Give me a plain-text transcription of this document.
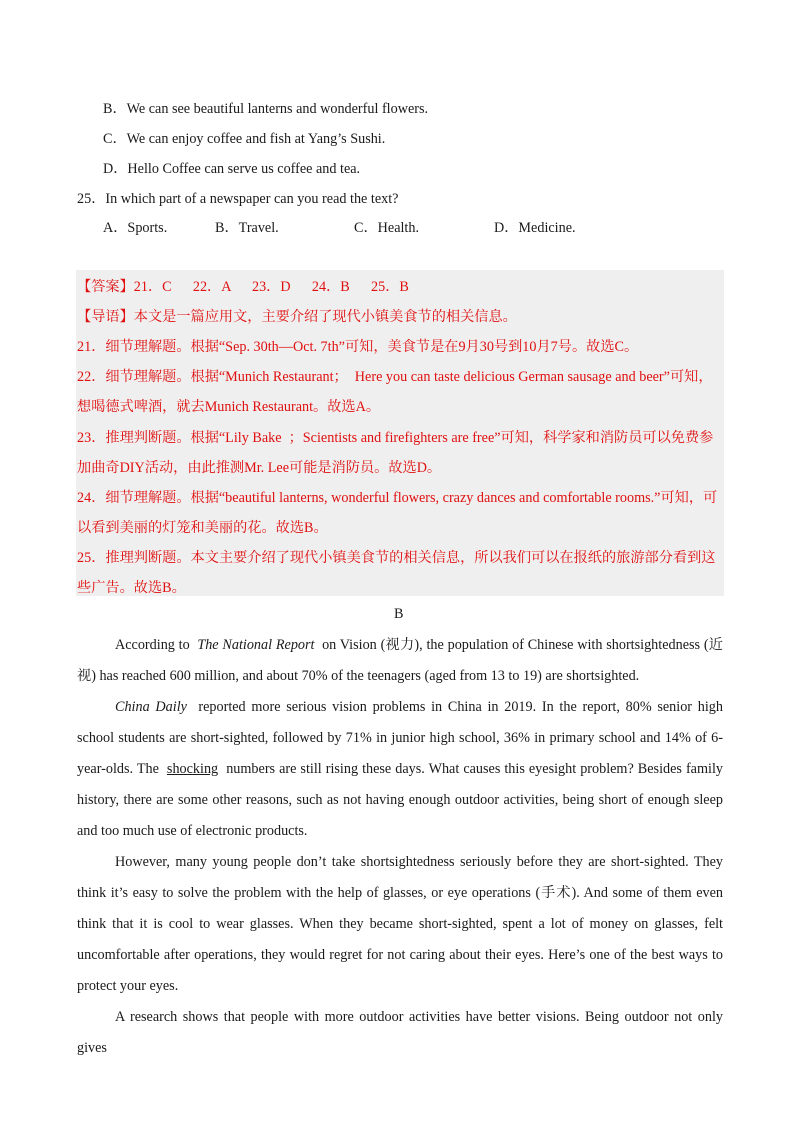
B．We can see beautiful lanterns and wonderful flowers.
C．We can enjoy coffee and fish at Yang’s Sushi.
D．Hello Coffee can serve us coffee and tea.
25．In which part of a newspaper can you read the text?
A．Sports.	B．Travel.	C．Health.	D．Medicine.
【答案】21．C      22．A      23．D      24．B      25．B
【导语】本文是一篇应用文，主要介绍了现代小镇美食节的相关信息。
21．细节理解题。根据“Sep. 30th—Oct. 7th”可知，美食节是在9月30号到10月7号。故选C。
22．细节理解题。根据“Munich Restaurant；  Here you can taste delicious German sausage and beer”可知，
想喝德式啤酒，就去Munich Restaurant。故选A。
23．推理判断题。根据“Lily Bake  ；Scientists and firefighters are free”可知，科学家和消防员可以免费参
加曲奇DIY活动，由此推测Mr. Lee可能是消防员。故选D。
24．细节理解题。根据“beautiful lanterns, wonderful flowers, crazy dances and comfortable rooms.”可知，可
以看到美丽的灯笼和美丽的花。故选B。
25．推理判断题。本文主要介绍了现代小镇美食节的相关信息，所以我们可以在报纸的旅游部分看到这
些广告。故选B。
B

According to  The National Report  on Vision (视力), the population of Chinese with shortsightedness (近视) has reached 600 million, and about 70% of the teenagers (aged from 13 to 19) are shortsighted.

China Daily  reported more serious vision problems in China in 2019. In the report, 80% senior high school students are short-sighted, followed by 71% in junior high school, 36% in primary school and 14% of 6-year-olds. The  shocking  numbers are still rising these days. What causes this eyesight problem? Besides family history, there are some other reasons, such as not having enough outdoor activities, being short of enough sleep and too much use of electronic products.

However, many young people don’t take shortsightedness seriously before they are short-sighted. They think it’s easy to solve the problem with the help of glasses, or eye operations (手术). And some of them even think that it is cool to wear glasses. When they became short-sighted, spent a lot of money on glasses, felt uncomfortable after operations, they would regret for not caring about their eyes. Here’s one of the best ways to protect your eyes.

A research shows that people with more outdoor activities have better visions. Being outdoor not only gives
